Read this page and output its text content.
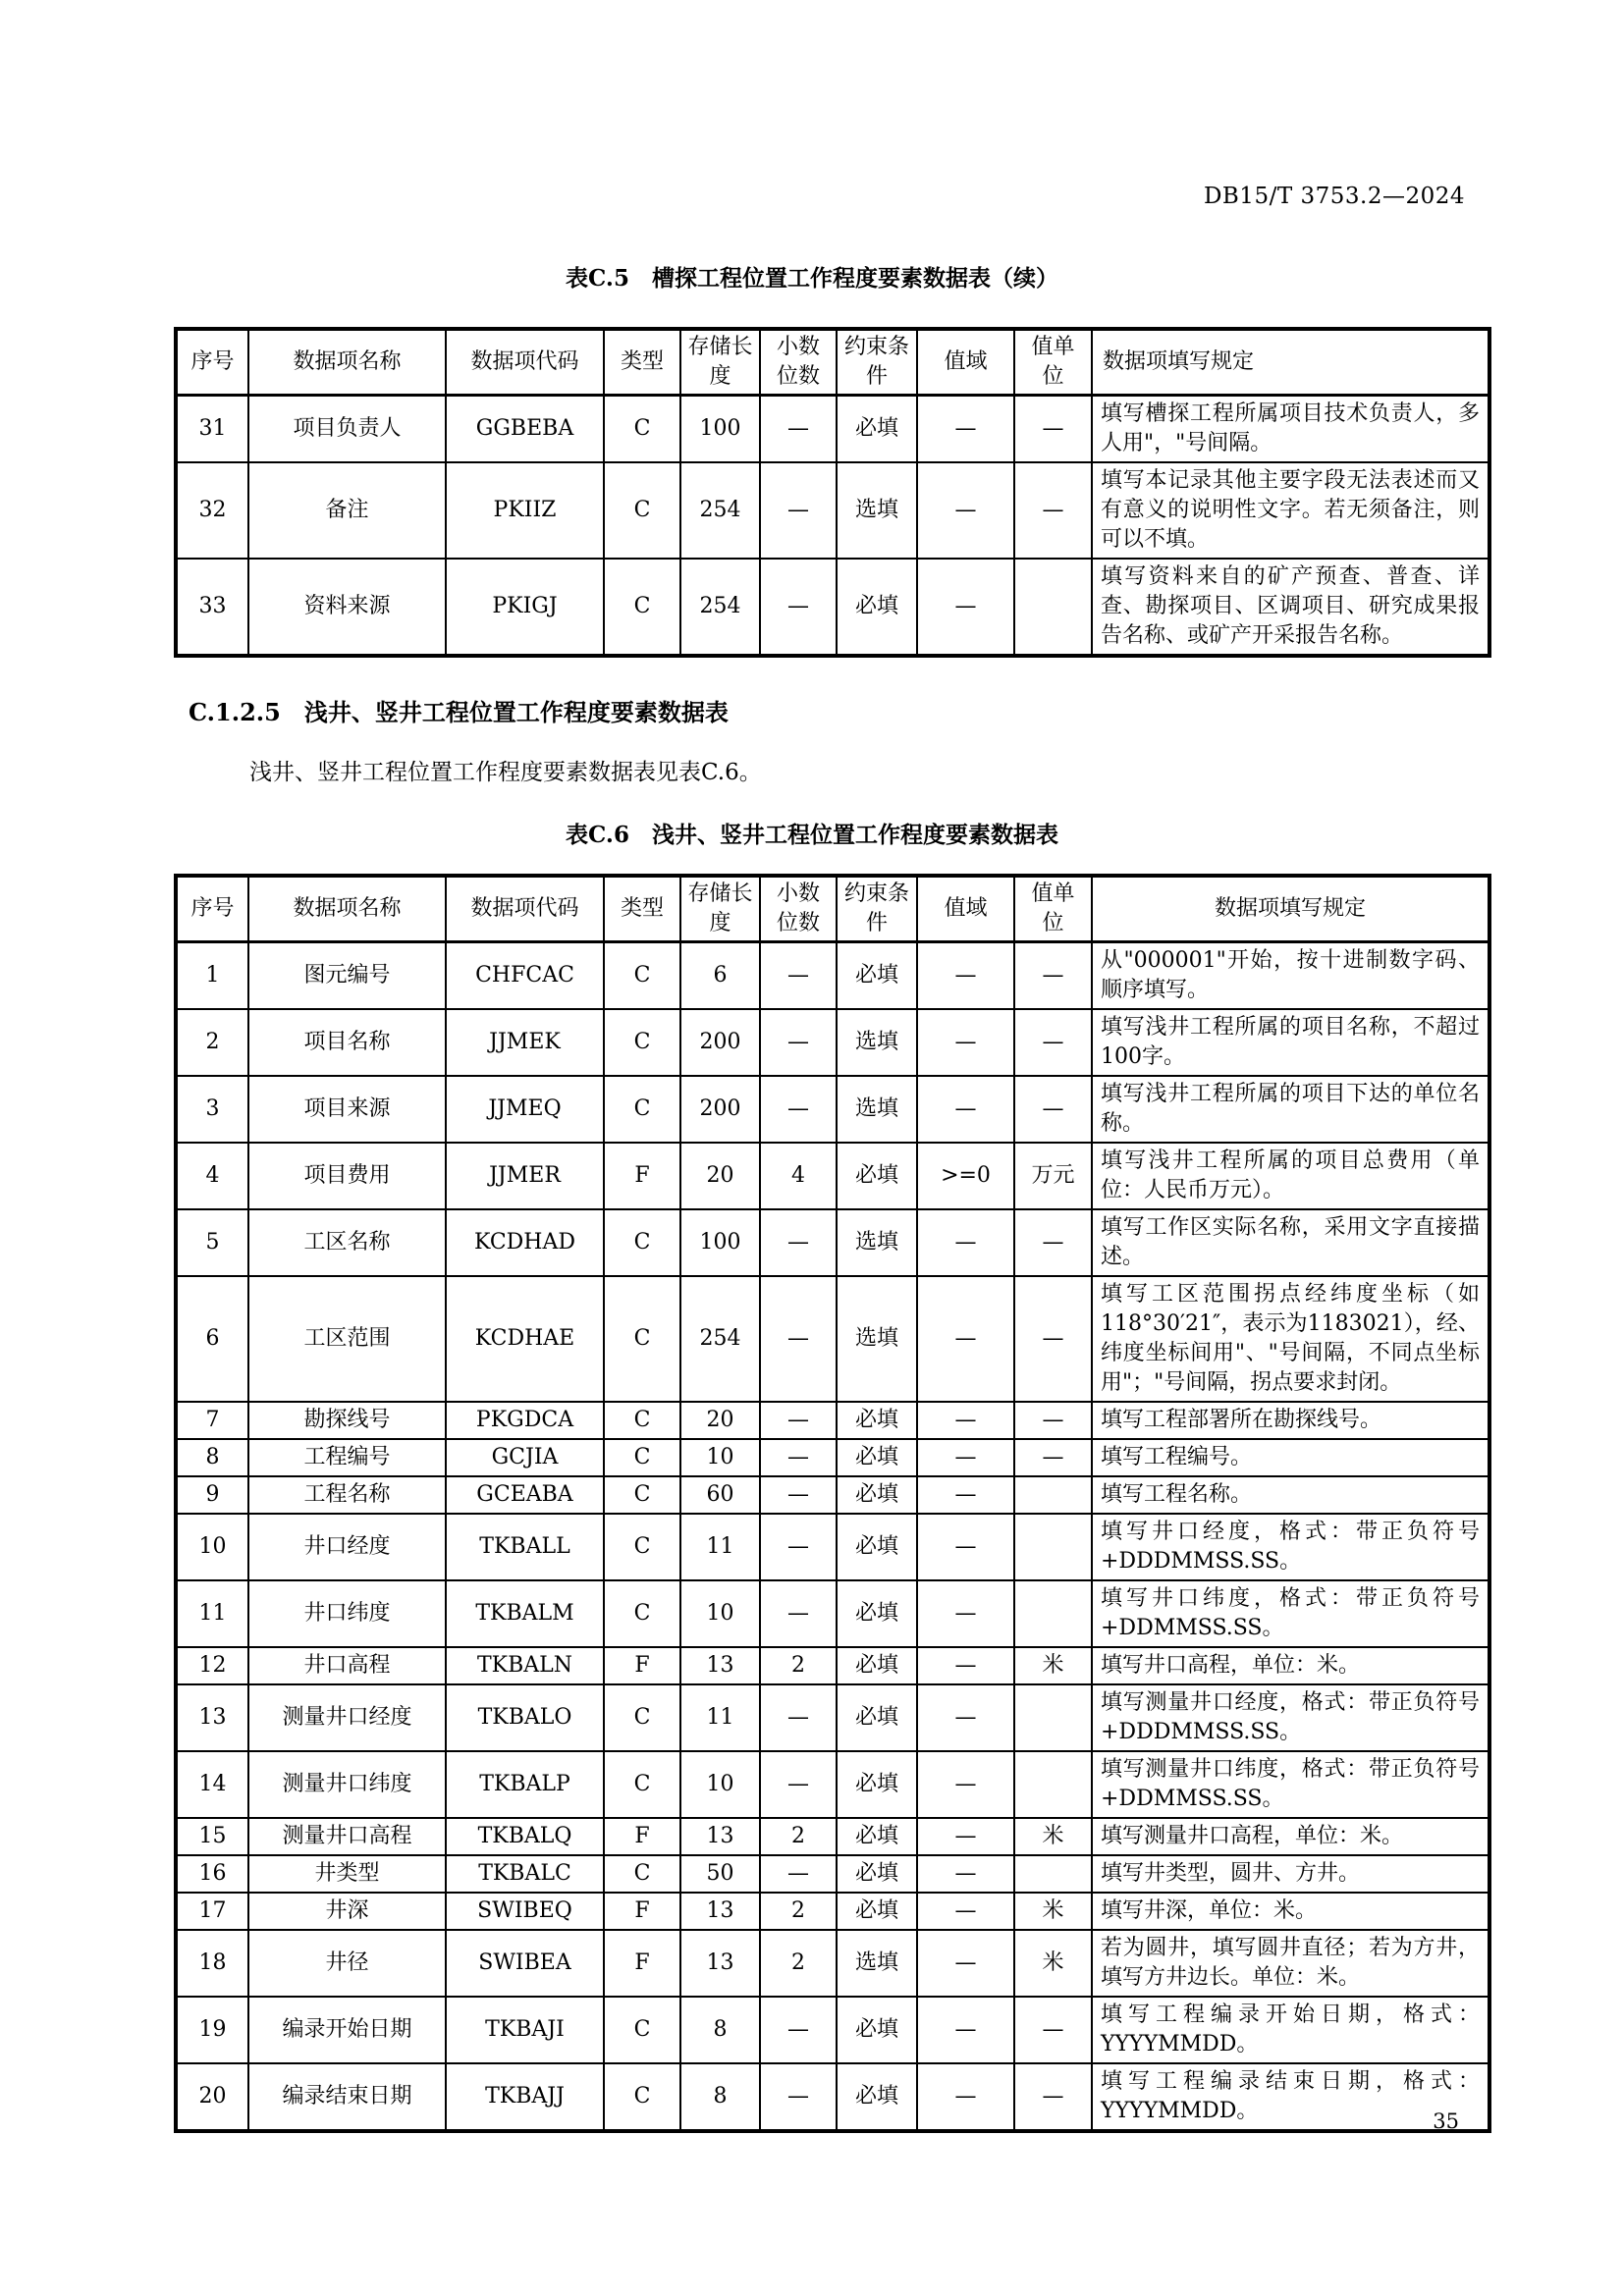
DB15/T 3753.2—2024
表C.5　槽探工程位置工作程度要素数据表（续）
序号	数据项名称	数据项代码	类型	存储长度	小数位数	约束条件	值域	值单位	数据项填写规定
31	项目负责人	GGBEBA	C	100	—	必填	—	—	填写槽探工程所属项目技术负责人，多人用"，"号间隔。
32	备注	PKIIZ	C	254	—	选填	—	—	填写本记录其他主要字段无法表述而又有意义的说明性文字。若无须备注，则可以不填。
33	资料来源	PKIGJ	C	254	—	必填	—		填写资料来自的矿产预查、普查、详查、勘探项目、区调项目、研究成果报告名称、或矿产开采报告名称。
C.1.2.5　浅井、竖井工程位置工作程度要素数据表
浅井、竖井工程位置工作程度要素数据表见表C.6。
表C.6　浅井、竖井工程位置工作程度要素数据表
序号	数据项名称	数据项代码	类型	存储长度	小数位数	约束条件	值域	值单位	数据项填写规定
1	图元编号	CHFCAC	C	6	—	必填	—	—	从"000001"开始，按十进制数字码、顺序填写。
2	项目名称	JJMEK	C	200	—	选填	—	—	填写浅井工程所属的项目名称，不超过100字。
3	项目来源	JJMEQ	C	200	—	选填	—	—	填写浅井工程所属的项目下达的单位名称。
4	项目费用	JJMER	F	20	4	必填	>=0	万元	填写浅井工程所属的项目总费用（单位：人民币万元）。
5	工区名称	KCDHAD	C	100	—	选填	—	—	填写工作区实际名称，采用文字直接描述。
6	工区范围	KCDHAE	C	254	—	选填	—	—	填写工区范围拐点经纬度坐标（如118°30′21″，表示为1183021），经、纬度坐标间用"、"号间隔，不同点坐标用"；"号间隔，拐点要求封闭。
7	勘探线号	PKGDCA	C	20	—	必填	—	—	填写工程部署所在勘探线号。
8	工程编号	GCJIA	C	10	—	必填	—	—	填写工程编号。
9	工程名称	GCEABA	C	60	—	必填	—		填写工程名称。
10	井口经度	TKBALL	C	11	—	必填	—		填写井口经度，格式：带正负符号+DDDMMSS.SS。
11	井口纬度	TKBALM	C	10	—	必填	—		填写井口纬度，格式：带正负符号+DDMMSS.SS。
12	井口高程	TKBALN	F	13	2	必填	—	米	填写井口高程，单位：米。
13	测量井口经度	TKBALO	C	11	—	必填	—		填写测量井口经度，格式：带正负符号+DDDMMSS.SS。
14	测量井口纬度	TKBALP	C	10	—	必填	—		填写测量井口纬度，格式：带正负符号+DDMMSS.SS。
15	测量井口高程	TKBALQ	F	13	2	必填	—	米	填写测量井口高程，单位：米。
16	井类型	TKBALC	C	50	—	必填	—		填写井类型，圆井、方井。
17	井深	SWIBEQ	F	13	2	必填	—	米	填写井深，单位：米。
18	井径	SWIBEA	F	13	2	选填	—	米	若为圆井，填写圆井直径；若为方井，填写方井边长。单位：米。
19	编录开始日期	TKBAJI	C	8	—	必填	—	—	填写工程编录开始日期，格式：YYYYMMDD。
20	编录结束日期	TKBAJJ	C	8	—	必填	—	—	填写工程编录结束日期，格式：YYYYMMDD。	35
